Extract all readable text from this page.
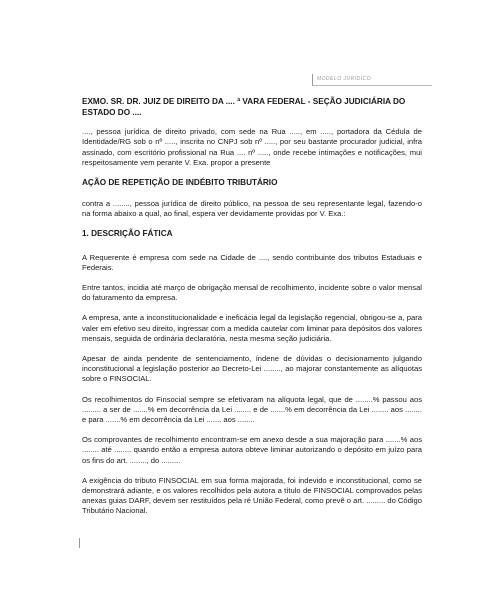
MODELO JURÍDICO

EXMO. SR. DR. JUIZ DE DIREITO DA .... ª VARA FEDERAL - SEÇÃO JUDICIÁRIA DO ESTADO DO ....

...., pessoa jurídica de direito privado, com sede na Rua ....., em ....., portadora da Cédula de Identidade/RG sob o nº ....., inscrita no CNPJ sob nº ....., por seu bastante procurador judicial, infra assinado, com escritório profissional na Rua .... nº ....., onde recebe intimações e notificações, mui respeitosamente vem perante V. Exa. propor a presente

AÇÃO DE REPETIÇÃO DE INDÉBITO TRIBUTÁRIO

contra a ........, pessoa jurídica de direito público, na pessoa de seu representante legal, fazendo-o na forma abaixo a qual, ao final, espera ver devidamente providas por V. Exa.:

1. DESCRIÇÃO FÁTICA

A Requerente é empresa com sede na Cidade de ...., sendo contribuinte dos tributos Estaduais e Federais.

Entre tantos, incidia até março de obrigação mensal de recolhimento, incidente sobre o valor mensal do faturamento da empresa.

A empresa, ante a inconstitucionalidade e ineficácia legal da legislação regencial, obrigou-se a, para valer em efetivo seu direito, ingressar com a medida cautelar com liminar para depósitos dos valores mensais, seguida de ordinária declaratória, nesta mesma seção judiciária.

Apesar de ainda pendente de sentenciamento, índene de dúvidas o decisionamento julgando inconstitucional a legislação posterior ao Decreto-Lei ........, ao majorar constantemente as alíquotas sobre o FINSOCIAL.

Os recolhimentos do Finsocial sempre se efetivaram na alíquota legal, que de ........% passou aos ......... a ser de .......% em decorrência da Lei ........ e de .......% em decorrência da Lei ........ aos ........ e para .......% em decorrência da Lei ....... aos ........

Os comprovantes de recolhimento encontram-se em anexo desde a sua majoração para .......% aos ........ até ........ quando então a empresa autora obteve liminar autorizando o depósito em juízo para os fins do art. ........, do .........

A exigência do tributo FINSOCIAL em sua forma majorada, foi indevido e inconstitucional, como se demonstrará adiante, e os valores recolhidos pela autora a título de FINSOCIAL comprovados pelas anexas guias DARF, devem ser restituídos pela ré União Federal, como prevê o art. ......... do Código Tributário Nacional.
